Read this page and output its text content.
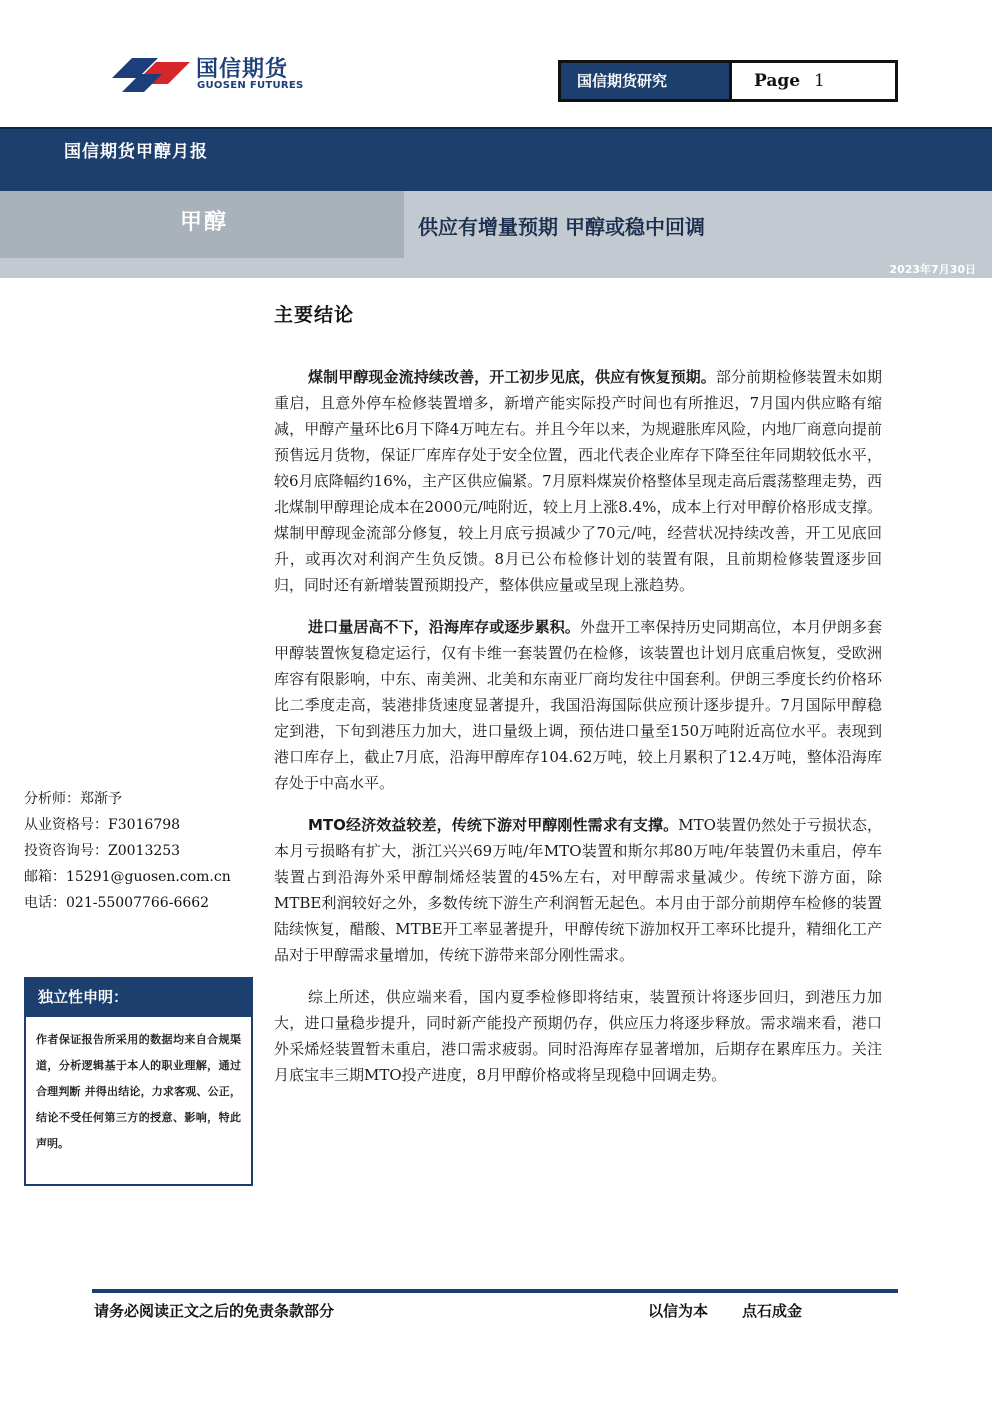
国信期货
GUOSEN FUTURES	国信期货研究	Page 1
国信期货甲醇月报
供应有增量预期 甲醇或稳中回调
甲醇
2023年7月30日
主要结论

煤制甲醇现金流持续改善，开工初步见底，供应有恢复预期。部分前期检修装置未如期重启，且意外停车检修装置增多，新增产能实际投产时间也有所推迟，7月国内供应略有缩减，甲醇产量环比6月下降4万吨左右。并且今年以来，为规避胀库风险，内地厂商意向提前预售远月货物，保证厂库库存处于安全位置，西北代表企业库存下降至往年同期较低水平，较6月底降幅约16%，主产区供应偏紧。7月原料煤炭价格整体呈现走高后震荡整理走势，西北煤制甲醇理论成本在2000元/吨附近，较上月上涨8.4%，成本上行对甲醇价格形成支撑。煤制甲醇现金流部分修复，较上月底亏损减少了70元/吨，经营状况持续改善，开工见底回升，或再次对利润产生负反馈。8月已公布检修计划的装置有限，且前期检修装置逐步回归，同时还有新增装置预期投产，整体供应量或呈现上涨趋势。

进口量居高不下，沿海库存或逐步累积。外盘开工率保持历史同期高位，本月伊朗多套甲醇装置恢复稳定运行，仅有卡维一套装置仍在检修，该装置也计划月底重启恢复，受欧洲库容有限影响，中东、南美洲、北美和东南亚厂商均发往中国套利。伊朗三季度长约价格环比二季度走高，装港排货速度显著提升，我国沿海国际供应预计逐步提升。7月国际甲醇稳定到港，下旬到港压力加大，进口量级上调，预估进口量至150万吨附近高位水平。表现到港口库存上，截止7月底，沿海甲醇库存104.62万吨，较上月累积了12.4万吨，整体沿海库存处于中高水平。

MTO经济效益较差，传统下游对甲醇刚性需求有支撑。MTO装置仍然处于亏损状态，本月亏损略有扩大，浙江兴兴69万吨/年MTO装置和斯尔邦80万吨/年装置仍未重启，停车装置占到沿海外采甲醇制烯烃装置的45%左右，对甲醇需求量减少。传统下游方面，除MTBE利润较好之外，多数传统下游生产利润暂无起色。本月由于部分前期停车检修的装置陆续恢复，醋酸、MTBE开工率显著提升，甲醇传统下游加权开工率环比提升，精细化工产品对于甲醇需求量增加，传统下游带来部分刚性需求。

综上所述，供应端来看，国内夏季检修即将结束，装置预计将逐步回归，到港压力加大，进口量稳步提升，同时新产能投产预期仍存，供应压力将逐步释放。需求端来看，港口外采烯烃装置暂未重启，港口需求疲弱。同时沿海库存显著增加，后期存在累库压力。关注月底宝丰三期MTO投产进度，8月甲醇价格或将呈现稳中回调走势。

分析师：郑渐予
从业资格号：F3016798
投资咨询号：Z0013253
邮箱：15291@guosen.com.cn
电话：021-55007766-6662
独立性申明：
作者保证报告所采用的数据均来自合规渠道，分析逻辑基于本人的职业理解，通过合理判断 并得出结论，力求客观、公正，结论不受任何第三方的授意、影响，特此声明。
请务必阅读正文之后的免责条款部分	以信为本 点石成金
